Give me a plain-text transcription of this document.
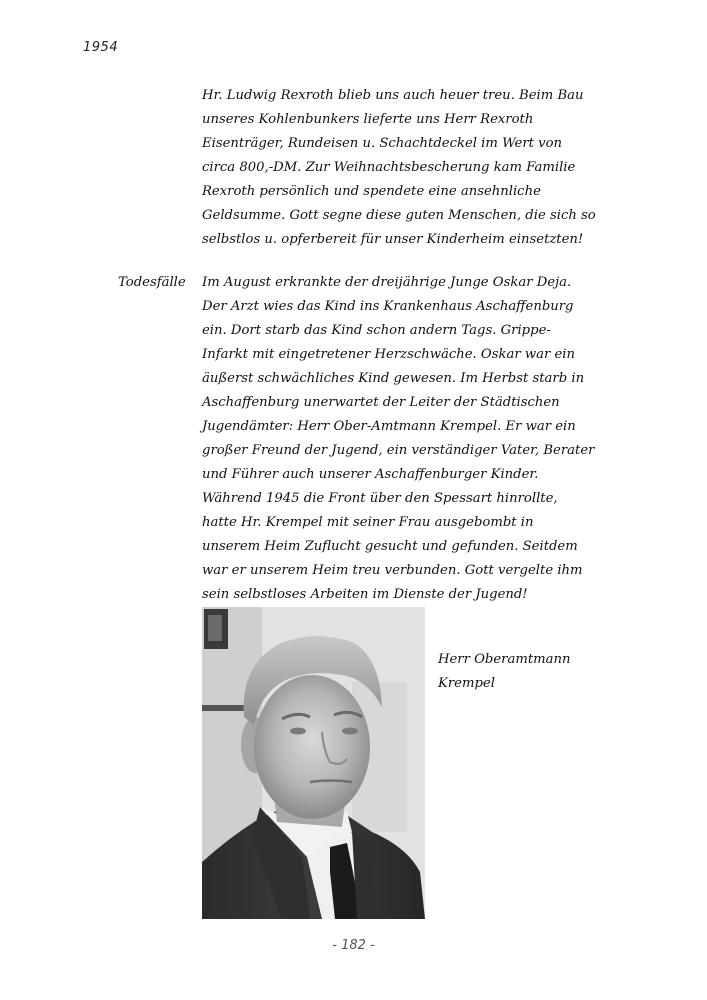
1954
Hr. Ludwig Rexroth blieb uns auch heuer treu. Beim Bau
unseres Kohlenbunkers lieferte uns Herr Rexroth
Eisenträger, Rundeisen u. Schachtdeckel im Wert von
circa 800,-DM. Zur Weihnachtsbescherung kam Familie
Rexroth persönlich und spendete eine ansehnliche
Geldsumme. Gott segne diese guten Menschen, die sich so
selbstlos u. opferbereit für unser Kinderheim einsetzten!
Todesfälle Im August erkrankte der dreijährige Junge Oskar Deja.
Der Arzt wies das Kind ins Krankenhaus Aschaffenburg
ein. Dort starb das Kind schon andern Tags. Grippe-
Infarkt mit eingetretener Herzschwäche. Oskar war ein
äußerst schwächliches Kind gewesen. Im Herbst starb in
Aschaffenburg unerwartet der Leiter der Städtischen
Jugendämter: Herr Ober-Amtmann Krempel. Er war ein
großer Freund der Jugend, ein verständiger Vater, Berater
und Führer auch unserer Aschaffenburger Kinder.
Während 1945 die Front über den Spessart hinrollte,
hatte Hr. Krempel mit seiner Frau ausgebombt in
unserem Heim Zuflucht gesucht und gefunden. Seitdem
war er unserem Heim treu verbunden. Gott vergelte ihm
sein selbstloses Arbeiten im Dienste der Jugend!
Herr Oberamtmann
Krempel
- 182 -
